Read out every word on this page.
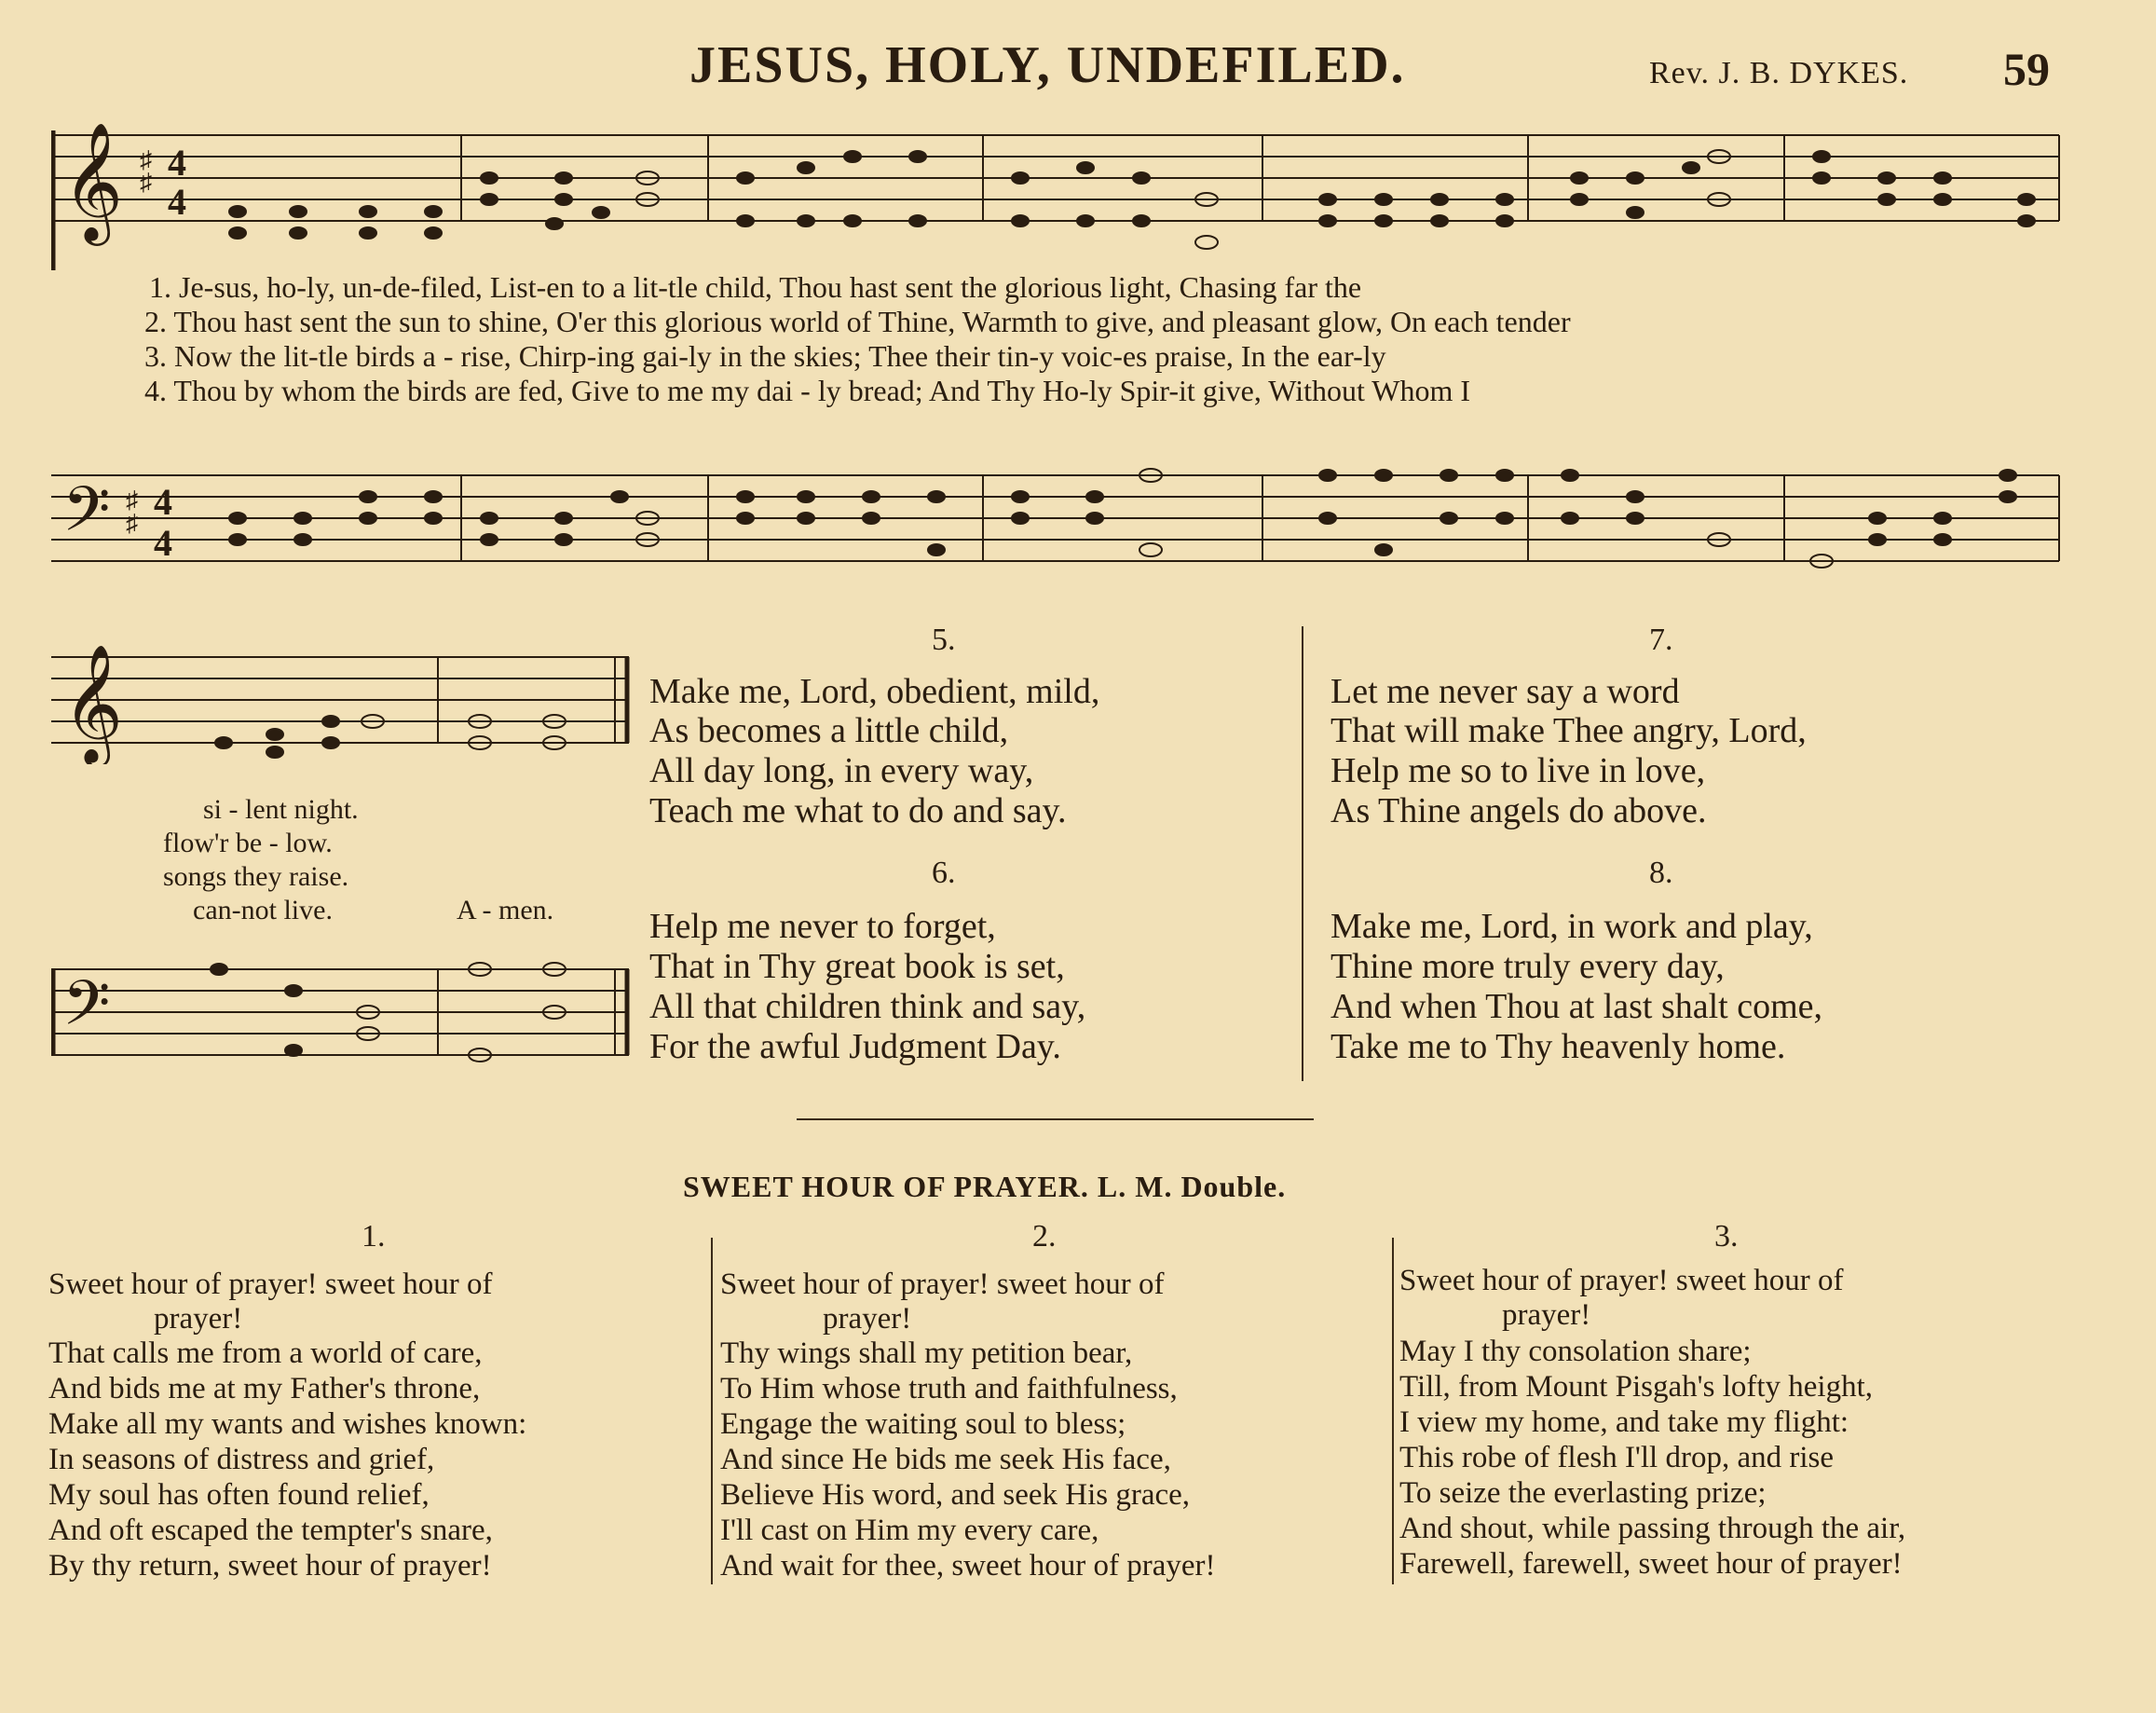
JESUS, HOLY, UNDEFILED.	Rev. J. B. DYKES. 59
𝄞 ♯
♯ 4
4
1. Je-sus, ho-ly, un-de-filed, List-en to a lit-tle child, Thou hast sent the glorious light, Chasing far the
2. Thou hast sent the sun to shine, O'er this glorious world of Thine, Warmth to give, and pleasant glow, On each tender
3. Now the lit-tle birds a - rise, Chirp-ing gai-ly in the skies; Thee their tin-y voic-es praise, In the ear-ly
4. Thou by whom the birds are fed, Give to me my dai - ly bread; And Thy Ho-ly Spir-it give, Without Whom I
𝄢 ♯
♯
4
4
𝄞
si - lent night.
flow'r be - low.
songs they raise.
can-not live.	A - men.
𝄢
5.
Make me, Lord, obedient, mild,
As becomes a little child,
All day long, in every way,
Teach me what to do and say.
6.
Help me never to forget,
That in Thy great book is set,
All that children think and say,
For the awful Judgment Day.
7.
Let me never say a word
That will make Thee angry, Lord,
Help me so to live in love,
As Thine angels do above.
8.
Make me, Lord, in work and play,
Thine more truly every day,
And when Thou at last shalt come,
Take me to Thy heavenly home.
SWEET HOUR OF PRAYER. L. M. Double.
1.
Sweet hour of prayer! sweet hour of
prayer!
That calls me from a world of care,
And bids me at my Father's throne,
Make all my wants and wishes known:
In seasons of distress and grief,
My soul has often found relief,
And oft escaped the tempter's snare,
By thy return, sweet hour of prayer!
2.
Sweet hour of prayer! sweet hour of
prayer!
Thy wings shall my petition bear,
To Him whose truth and faithfulness,
Engage the waiting soul to bless;
And since He bids me seek His face,
Believe His word, and seek His grace,
I'll cast on Him my every care,
And wait for thee, sweet hour of prayer!
3.
Sweet hour of prayer! sweet hour of
prayer!
May I thy consolation share;
Till, from Mount Pisgah's lofty height,
I view my home, and take my flight:
This robe of flesh I'll drop, and rise
To seize the everlasting prize;
And shout, while passing through the air,
Farewell, farewell, sweet hour of prayer!
